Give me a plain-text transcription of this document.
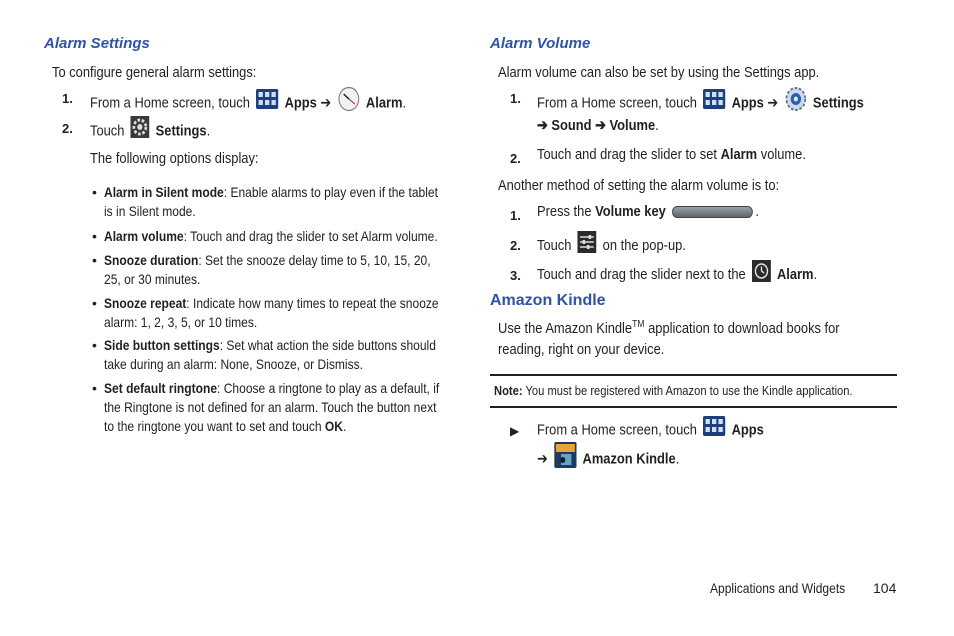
Alarm Settings
To configure general alarm settings:
1. From a Home screen, touch Apps ➔ Alarm.
2. Touch Settings.
The following options display:
• Alarm in Silent mode: Enable alarms to play even if the tablet is in Silent mode.
• Alarm volume: Touch and drag the slider to set Alarm volume.
• Snooze duration: Set the snooze delay time to 5, 10, 15, 20, 25, or 30 minutes.
• Snooze repeat: Indicate how many times to repeat the snooze alarm: 1, 2, 3, 5, or 10 times.
• Side button settings: Set what action the side buttons should take during an alarm: None, Snooze, or Dismiss.
• Set default ringtone: Choose a ringtone to play as a default, if the Ringtone is not defined for an alarm. Touch the button next to the ringtone you want to set and touch OK.
Alarm Volume
Alarm volume can also be set by using the Settings app.
1. From a Home screen, touch Apps ➔ Settings
➔ Sound ➔ Volume.
2. Touch and drag the slider to set Alarm volume.
Another method of setting the alarm volume is to:
1. Press the Volume key	.
2. Touch on the pop-up.
3. Touch and drag the slider next to the Alarm.
Amazon Kindle
Use the Amazon Kindle™ application to download books for
reading, right on your device.
Note: You must be registered with Amazon to use the Kindle application.
▶ From a Home screen, touch Apps
➔ Amazon Kindle.
Applications and Widgets	104
